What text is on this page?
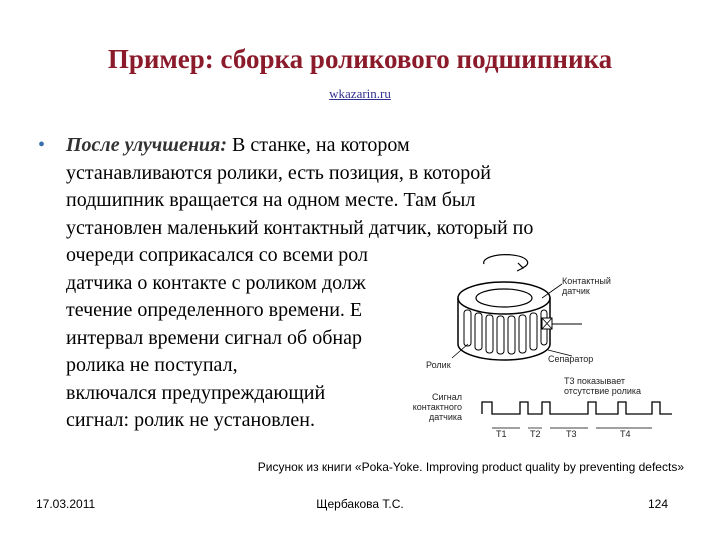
Пример: сборка роликового подшипника
wkazarin.ru
• После улучшения: В станке, на котором
устанавливаются ролики, есть позиция, в которой
подшипник вращается на одном месте. Там был
установлен маленький контактный датчик, который по
очереди соприкасался со всеми рол
датчика о контакте с роликом долж
течение определенного времени. Е
интервал времени сигнал об обнар
ролика не поступал,
включался предупреждающий
сигнал: ролик не установлен.
Контактный
датчик
Ролик
Сепаратор
T3 показывает
отсутствие ролика
Сигнал
контактного
датчика
T1	T2	T3	T4
Рисунок из книги «Poka-Yoke. Improving product quality by preventing defects»
17.03.2011	Щербакова Т.С.	124
